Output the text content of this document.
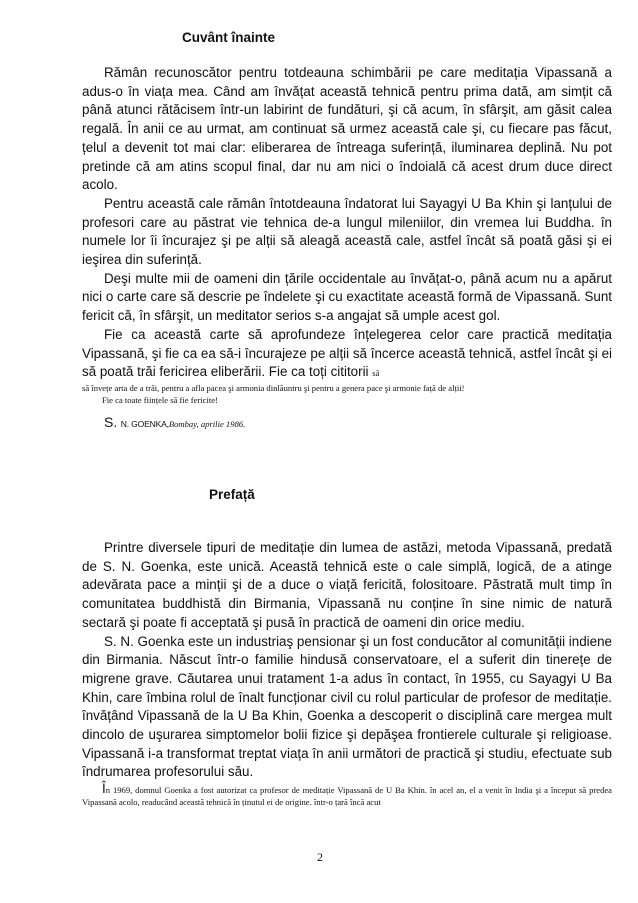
Cuvânt înainte

Rămân recunoscător pentru totdeauna schimbării pe care meditația Vipassană a adus-o în viața mea. Când am învățat această tehnică pentru prima dată, am simțit că până atunci rătăcisem într-un labirint de fundături, şi că acum, în sfârşit, am găsit calea regală. În anii ce au urmat, am continuat să urmez această cale şi, cu fiecare pas făcut, țelul a devenit tot mai clar: eliberarea de întreaga suferință, iluminarea deplină. Nu pot pretinde că am atins scopul final, dar nu am nici o îndoială că acest drum duce direct acolo.

Pentru această cale rămân întotdeauna îndatorat lui Sayagyi U Ba Khin şi lanțului de profesori care au păstrat vie tehnica de-a lungul mileniilor, din vremea lui Buddha. în numele lor îi încurajez şi pe alții să aleagă această cale, astfel încât să poată găsi şi ei ieşirea din suferință.

Deşi multe mii de oameni din țările occidentale au învățat-o, până acum nu a apărut nici o carte care să descrie pe îndelete şi cu exactitate această formă de Vipassană. Sunt fericit că, în sfârşit, un meditator serios s-a angajat să umple acest gol.

Fie ca această carte să aprofundeze înțelegerea celor care practică meditația Vipassană, şi fie ca ea să-i încurajeze pe alții să încerce această tehnică, astfel încât şi ei să poată trăi fericirea eliberării. Fie ca toți cititorii să

să învețe arta de a trăi, pentru a afla pacea şi armonia dinlăuntru şi pentru a genera pace şi armonie față de alții!

Fie ca toate ființele să fie fericite!

S. N. GOENKA,Bombay, aprilie 1986.
Prefață

Printre diversele tipuri de meditație din lumea de astăzi, metoda Vipassană, predată de S. N. Goenka, este unică. Această tehnică este o cale simplă, logică, de a atinge adevărata pace a minții şi de a duce o viață fericită, folositoare. Păstrată mult timp în comunitatea buddhistă din Birmania, Vipassană nu conține în sine nimic de natură sectară şi poate fi acceptată şi pusă în practică de oameni din orice mediu.

S. N. Goenka este un industriaş pensionar şi un fost conducător al comunității indiene din Birmania. Născut într-o familie hindusă conservatoare, el a suferit din tinerețe de migrene grave. Căutarea unui tratament 1-a adus în contact, în 1955, cu Sayagyi U Ba Khin, care îmbina rolul de înalt funcționar civil cu rolul particular de profesor de meditație. învățând Vipassană de la U Ba Khin, Goenka a descoperit o disciplină care mergea mult dincolo de uşurarea simptomelor bolii fizice şi depăşea frontierele culturale şi religioase. Vipassană i-a transformat treptat viața în anii următori de practică şi studiu, efectuate sub îndrumarea profesorului său.

În 1969, domnul Goenka a fost autorizat ca profesor de meditație Vipassană de U Ba Khin. în acel an, el a venit în India şi a început să predea Vipassană acolo, readucând această tehnică în ținutul ei de origine. într-o țară încă acut

2
